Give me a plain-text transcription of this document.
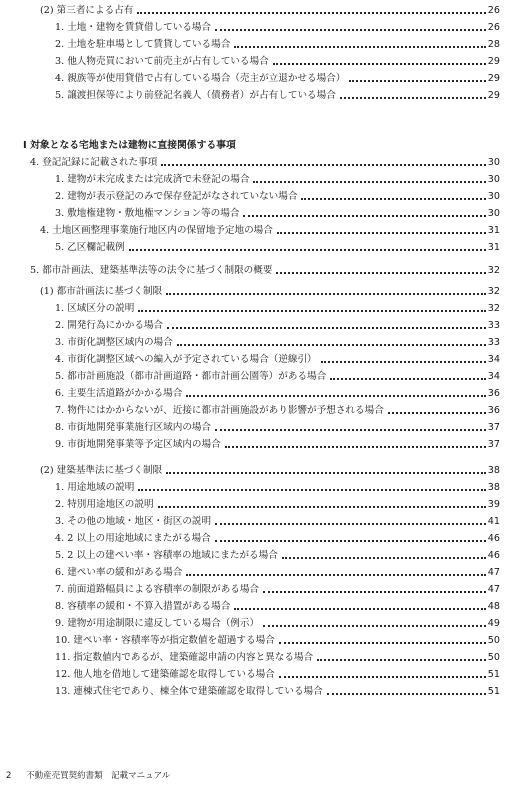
(2) 第三者による占有	26
1. 土地・建物を賃貸借している場合	26
2. 土地を駐車場として賃貸している場合	28
3. 他人物売買において前売主が占有している場合	29
4. 親族等が使用貸借で占有している場合（売主が立退かせる場合）	29
5. 譲渡担保等により前登記名義人（債務者）が占有している場合	29
4. 登記記録に記載された事項	30
1. 建物が未完成または完成済で未登記の場合	30
2. 建物が表示登記のみで保存登記がなされていない場合	30
3. 敷地権建物・敷地権マンション等の場合	30
4. 土地区画整理事業施行地区内の保留地予定地の場合	31
5. 乙区欄記載例	31
5. 都市計画法、建築基準法等の法令に基づく制限の概要	32
(1) 都市計画法に基づく制限	32
1. 区域区分の説明	32
2. 開発行為にかかる場合	33
3. 市街化調整区域内の場合	33
4. 市街化調整区域への編入が予定されている場合（逆線引）	34
5. 都市計画施設（都市計画道路・都市計画公園等）がある場合	34
6. 主要生活道路がかかる場合	36
7. 物件にはかからないが、近接に都市計画施設があり影響が予想される場合	36
8. 市街地開発事業施行区域内の場合	37
9. 市街地開発事業等予定区域内の場合	37
(2) 建築基準法に基づく制限	38
1. 用途地域の説明	38
2. 特別用途地区の説明	39
3. その他の地域・地区・街区の説明	41
4. 2 以上の用途地域にまたがる場合	46
5. 2 以上の建ぺい率・容積率の地域にまたがる場合	46
6. 建ぺい率の緩和がある場合	47
7. 前面道路幅員による容積率の制限がある場合	47
8. 容積率の緩和・不算入措置がある場合	48
9. 建物が用途制限に違反している場合（例示）	49
10. 建ぺい率・容積率等が指定数値を超過する場合	50
11. 指定数値内であるが、建築確認申請の内容と異なる場合	50
12. 他人地を借地して建築確認を取得している場合	51
13. 連棟式住宅であり、棟全体で建築確認を取得している場合	51
Ⅰ 対象となる宅地または建物に直接関係する事項
2 不動産売買契約書類　記載マニュアル
